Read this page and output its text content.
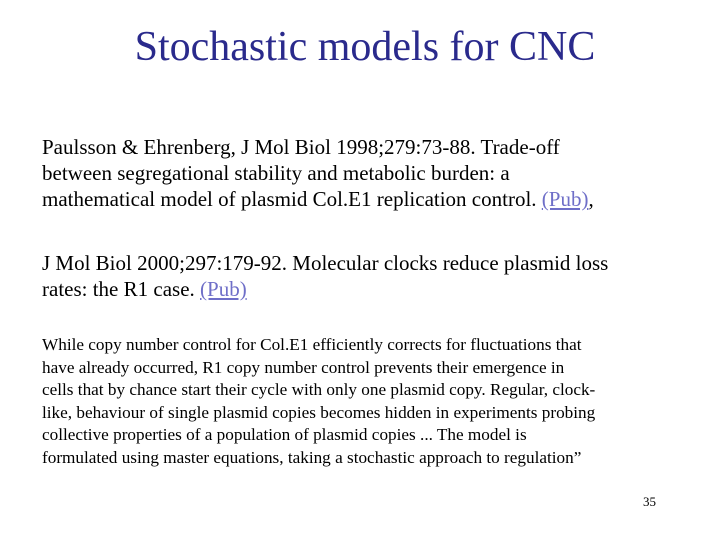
Stochastic models for CNC
Paulsson & Ehrenberg, J Mol Biol 1998;279:73-88. Trade-off
between segregational stability and metabolic burden: a
mathematical model of plasmid Col.E1 replication control. (Pub),
J Mol Biol 2000;297:179-92. Molecular clocks reduce plasmid loss
rates: the R1 case. (Pub)
While copy number control for Col.E1 efficiently corrects for fluctuations that
have already occurred, R1 copy number control prevents their emergence in
cells that by chance start their cycle with only one plasmid copy. Regular, clock-
like, behaviour of single plasmid copies becomes hidden in experiments probing
collective properties of a population of plasmid copies ... The model is
formulated using master equations, taking a stochastic approach to regulation”
35
